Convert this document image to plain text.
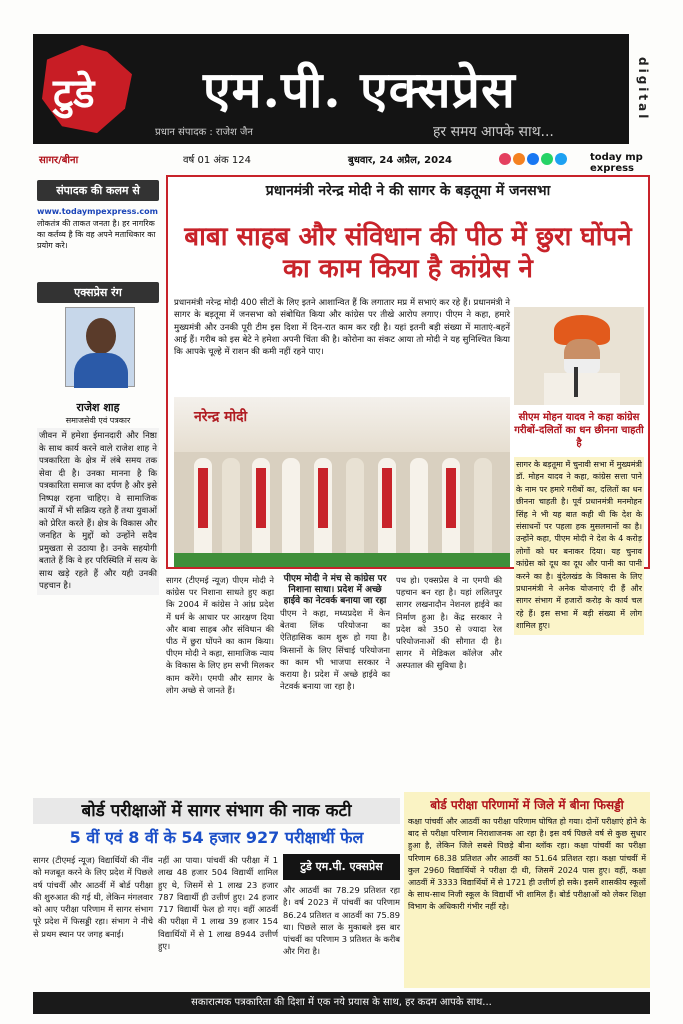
टुडे एम.पी. एक्सप्रेस
प्रधान संपादक : राजेश जैन	हर समय आपके साथ...
digital
सागर/बीना	वर्ष 01 अंक 124	बुधवार, 24 अप्रैल, 2024	today mp express
संपादक की कलम से
www.todaympexpress.com
लोकतंत्र की ताकत जनता है। हर नागरिक का कर्तव्य है कि वह अपने मताधिकार का प्रयोग करे।
एक्सप्रेस रंग
राजेश शाह
समाजसेवी एवं पत्रकार
जीवन में हमेशा ईमानदारी और निष्ठा के साथ कार्य करने वाले राजेश शाह ने पत्रकारिता के क्षेत्र में लंबे समय तक सेवा दी है। उनका मानना है कि पत्रकारिता समाज का दर्पण है और इसे निष्पक्ष रहना चाहिए। वे सामाजिक कार्यों में भी सक्रिय रहते हैं तथा युवाओं को प्रेरित करते हैं। क्षेत्र के विकास और जनहित के मुद्दों को उन्होंने सदैव प्रमुखता से उठाया है। उनके सहयोगी बताते हैं कि वे हर परिस्थिति में सत्य के साथ खड़े रहते हैं और यही उनकी पहचान है।
प्रधानमंत्री नरेन्द्र मोदी ने की सागर के बड़तूमा में जनसभा
बाबा साहब और संविधान की पीठ में छुरा घोंपने का काम किया है कांग्रेस ने
प्रधानमंत्री नरेन्द्र मोदी 400 सीटों के लिए इतने आशान्वित हैं कि लगातार मप्र में सभाएं कर रहे हैं। प्रधानमंत्री ने सागर के बड़तूमा में जनसभा को संबोधित किया और कांग्रेस पर तीखे आरोप लगाए। पीएम ने कहा, हमारे मुख्यमंत्री और उनकी पूरी टीम इस दिशा में दिन-रात काम कर रही है। यहां इतनी बड़ी संख्या में माताएं-बहनें आई हैं। गरीब को इस बेटे ने हमेशा अपनी चिंता की है। कोरोना का संकट आया तो मोदी ने यह सुनिश्चित किया कि आपके चूल्हे में राशन की कमी नहीं रहने पाए।
नरेन्द्र मोदी	सीएम मोहन यादव ने कहा कांग्रेस गरीबों-दलितों का धन छीनना चाहती है
सागर के बड़तूमा में चुनावी सभा में मुख्यमंत्री डॉ. मोहन यादव ने कहा, कांग्रेस सत्ता पाने के नाम पर हमारे गरीबों का, दलितों का धन छीनना चाहती है। पूर्व प्रधानमंत्री मनमोहन सिंह ने भी यह बात कही थी कि देश के संसाधनों पर पहला हक मुसलमानों का है। उन्होंने कहा, पीएम मोदी ने देश के 4 करोड़ लोगों को घर बनाकर दिया। यह चुनाव कांग्रेस को दूध का दूध और पानी का पानी करने का है। बुंदेलखंड के विकास के लिए प्रधानमंत्री ने अनेक योजनाएं दी हैं और सागर संभाग में हजारों करोड़ के कार्य चल रहे हैं। इस सभा में बड़ी संख्या में लोग शामिल हुए।
सागर (टीएमई न्यूज) पीएम मोदी ने कांग्रेस पर निशाना साधते हुए कहा कि 2004 में कांग्रेस ने आंध्र प्रदेश में धर्म के आधार पर आरक्षण दिया और बाबा साहब और संविधान की पीठ में छुरा घोंपने का काम किया। पीएम मोदी ने कहा, सामाजिक न्याय के विकास के लिए हम सभी मिलकर काम करेंगे। एमपी और सागर के लोग अच्छे से जानते हैं।
पीएम मोदी ने मंच से कांग्रेस पर निशाना साधा। प्रदेश में अच्छे हाईवे का नेटवर्क बनाया जा रहा
पीएम ने कहा, मध्यप्रदेश में केन बेतवा लिंक परियोजना का ऐतिहासिक काम शुरू हो गया है। किसानों के लिए सिंचाई परियोजना का काम भी भाजपा सरकार ने कराया है। प्रदेश में अच्छे हाईवे का नेटवर्क बनाया जा रहा है।
पथ हो। एक्सप्रेस वे ना एमपी की पहचान बन रहा है। यहां ललितपुर सागर लखनादौन नेशनल हाईवे का निर्माण हुआ है। केंद्र सरकार ने प्रदेश को 350 से ज्यादा रेल परियोजनाओं की सौगात दी है। सागर में मेडिकल कॉलेज और अस्पताल की सुविधा है।
बोर्ड परीक्षाओं में सागर संभाग की नाक कटी
5 वीं एवं 8 वीं के 54 हजार 927 परीक्षार्थी फेल
सागर (टीएमई न्यूज) विद्यार्थियों की नींव को मजबूत करने के लिए प्रदेश में पिछले वर्ष पांचवीं और आठवीं में बोर्ड परीक्षा की शुरुआत की गई थी, लेकिन मंगलवार को आए परीक्षा परिणाम में सागर संभाग पूरे प्रदेश में फिसड्डी रहा। संभाग ने नीचे से प्रथम स्थान पर जगह बनाई।
नहीं आ पाया। पांचवीं की परीक्षा में 1 लाख 48 हजार 504 विद्यार्थी शामिल हुए थे, जिसमें से 1 लाख 23 हजार 787 विद्यार्थी ही उत्तीर्ण हुए। 24 हजार 717 विद्यार्थी फेल हो गए। वहीं आठवीं की परीक्षा में 1 लाख 39 हजार 154 विद्यार्थियों में से 1 लाख 8944 उत्तीर्ण हुए।
टुडे एम.पी. एक्सप्रेस
और आठवीं का 78.29 प्रतिशत रहा है। वर्ष 2023 में पांचवीं का परिणाम 86.24 प्रतिशत व आठवीं का 75.89 था। पिछले साल के मुकाबले इस बार पांचवीं का परिणाम 3 प्रतिशत के करीब और गिरा है।
बोर्ड परीक्षा परिणामों में जिले में बीना फिसड्डी
कक्षा पांचवीं और आठवीं का परीक्षा परिणाम घोषित हो गया। दोनों परीक्षाएं होने के बाद से परीक्षा परिणाम निराशाजनक आ रहा है। इस वर्ष पिछले वर्ष से कुछ सुधार हुआ है, लेकिन जिले सबसे पिछड़े बीना ब्लॉक रहा। कक्षा पांचवीं का परीक्षा परिणाम 68.38 प्रतिशत और आठवीं का 51.64 प्रतिशत रहा। कक्षा पांचवीं में कुल 2960 विद्यार्थियों ने परीक्षा दी थी, जिसमें 2024 पास हुए। वहीं, कक्षा आठवीं में 3333 विद्यार्थियों में से 1721 ही उत्तीर्ण हो सके। इसमें शासकीय स्कूलों के साथ-साथ निजी स्कूल के विद्यार्थी भी शामिल हैं। बोर्ड परीक्षाओं को लेकर शिक्षा विभाग के अधिकारी गंभीर नहीं रहे।
सकारात्मक पत्रकारिता की दिशा में एक नये प्रयास के साथ, हर कदम आपके साथ...
